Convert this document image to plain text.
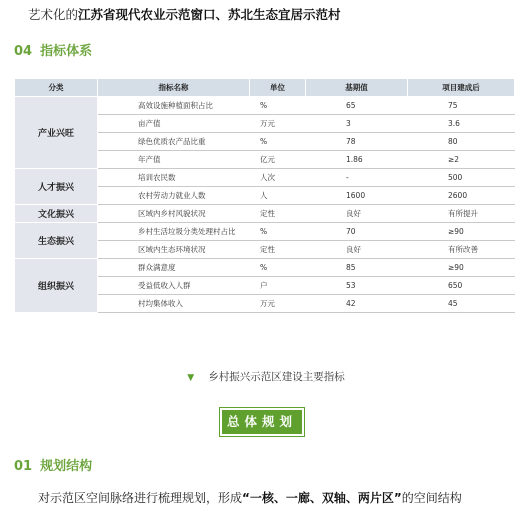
艺术化的江苏省现代农业示范窗口、苏北生态宜居示范村
04 指标体系
分类	指标名称	单位	基期值	项目建成后
产业兴旺	高效设施种植面积占比	%	65	75
	亩产值	万元	3	3.6
	绿色优质农产品比重	%	78	80
	年产值	亿元	1.86	≥2
人才振兴	培训农民数	人次	-	500
	农村劳动力就业人数	人	1600	2600
文化振兴	区域内乡村风貌状况	定性	良好	有所提升
生态振兴	乡村生活垃圾分类处理村占比	%	70	≥90
	区域内生态环境状况	定性	良好	有所改善
组织振兴	群众满意度	%	85	≥90
	受益低收入人群	户	53	650
	村均集体收入	万元	42	45
▼ 乡村振兴示范区建设主要指标
总体规划
01 规划结构
对示范区空间脉络进行梳理规划，形成“一核、一廊、双轴、两片区”的空间结构
